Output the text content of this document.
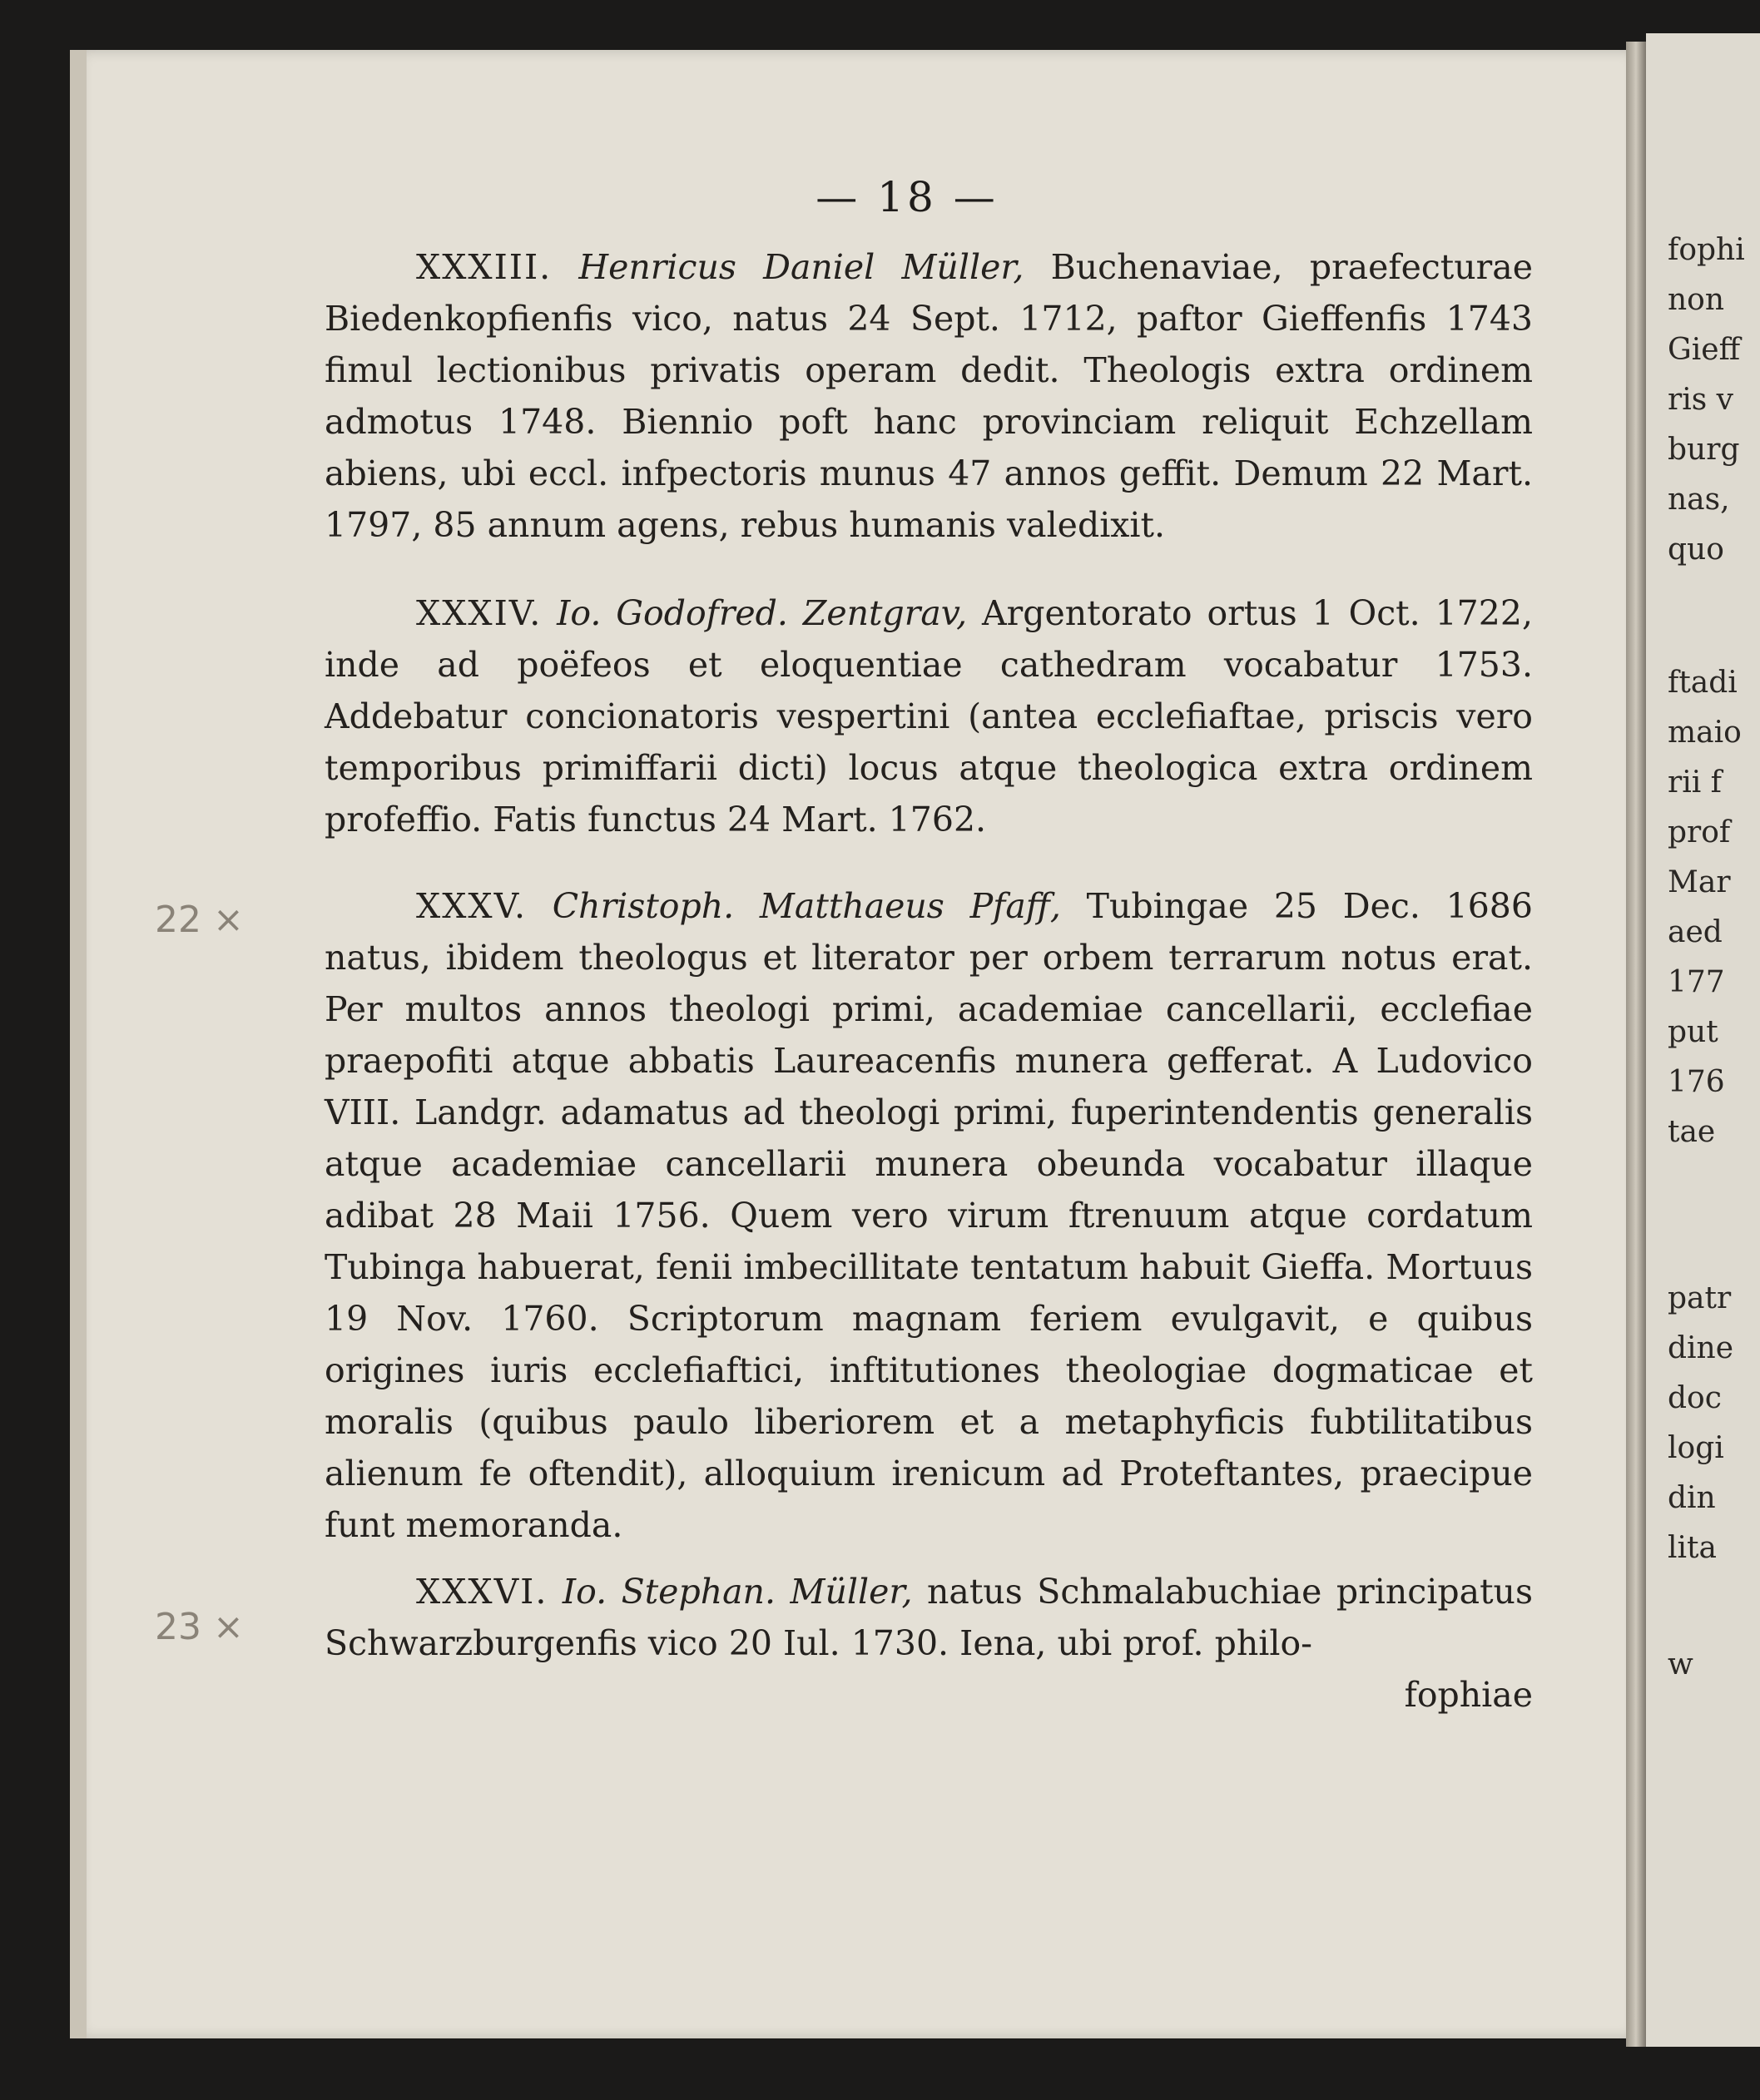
fophi
non
Gieff
ris v
burg
nas,
quo
ftadi
maio
rii f
prof
Mar
aed
177
put
176
tae
patr
dine
doc
logi
din
lita
w
— 18 —
22 ×
23 ×
XXXIII. Henricus Daniel Müller, Buchenaviae, praefecturae Biedenkopfienfis vico, natus 24 Sept. 1712, paftor Gieffenfis 1743 fimul lectionibus privatis operam dedit. Theologis extra ordinem admotus 1748. Biennio poft hanc provinciam reliquit Echzellam abiens, ubi eccl. infpectoris munus 47 annos geffit. Demum 22 Mart. 1797, 85 annum agens, rebus humanis valedixit.
XXXIV. Io. Godofred. Zentgrav, Argentorato ortus 1 Oct. 1722, inde ad poëfeos et eloquentiae cathedram vocabatur 1753. Addebatur concionatoris vespertini (antea ecclefiaftae, priscis vero temporibus primiffarii dicti) locus atque theologica extra ordinem profeffio. Fatis functus 24 Mart. 1762.
XXXV. Christoph. Matthaeus Pfaff, Tubingae 25 Dec. 1686 natus, ibidem theologus et literator per orbem terrarum notus erat. Per multos annos theologi primi, academiae cancellarii, ecclefiae praepofiti atque abbatis Laureacenfis munera gefferat. A Ludovico VIII. Landgr. adamatus ad theologi primi, fuperintendentis generalis atque academiae cancellarii munera obeunda vocabatur illaque adibat 28 Maii 1756. Quem vero virum ftrenuum atque cordatum Tubinga habuerat, fenii imbecillitate tentatum habuit Gieffa. Mortuus 19 Nov. 1760. Scriptorum magnam feriem evulgavit, e quibus origines iuris ecclefiaftici, inftitutiones theologiae dogmaticae et moralis (quibus paulo liberiorem et a metaphyficis fubtilitatibus alienum fe oftendit), alloquium irenicum ad Proteftantes, praecipue funt memoranda.
XXXVI. Io. Stephan. Müller, natus Schmalabuchiae principatus Schwarzburgenfis vico 20 Iul. 1730. Iena, ubi prof. philo-
fophiae
